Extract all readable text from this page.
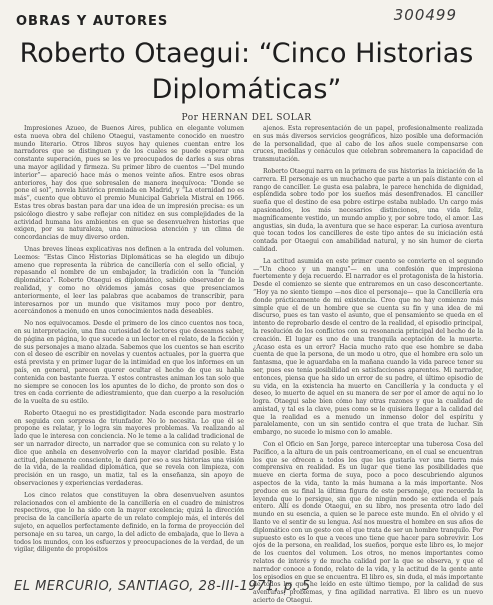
300499
OBRAS Y AUTORES
Roberto Otaegui: “Cinco Historias
Diplomáticas”
Por HERNAN DEL SOLAR

Impresiones Azueo, de Buenos Aires, publica en elegante volumen esta nueva obra del chileno Otaegui, vastamente conocido en nuestro mundo literario. Otros libros suyos hay quienes cuentan entre los narradores que se distinguen y de los cuales se puede esperar una constante superación, pues se les ve preocupados de darles a sus obras una mayor agilidad y firmeza. Su primer libro de cuentos —“Del mundo interior”— apareció hace más o menos veinte años. Entre esos obras anteriores, hay dos que sobresalen de manera inequívoca: “Donde se pone el sol”, novela histórica premiada en Madrid, y “La eternidad no es más”, cuento que obtuvo el premio Municipal Gabriela Mistral en 1966. Estas tres obras bastan para dar una idea de un impresión precisa: es un psicólogo diestro y sabe reflejar con nitidez en sus complejidades de la actividad humana los ambientes en que se desenvuelven historias que exigen, por su naturaleza, una minuciosa atención y un clima de concordancias de muy diverso orden.

Unas breves líneas explicativas nos definen a la entrada del volumen. Leemos: “Estas Cinco Historias Diplomáticas se ha elegido un dibujo ameno que representa la rúbrica de cancillería con el sello oficial, y repasando el nombre de un embajador, la tradición con la “función diplomática”. Roberto Otaegui es diplomático, sabido observador de la realidad, y como no olvidemos jamás cosas que presenciamos anteriormente, el leer las palabras que acabamos de transcribir, para interesarnos por un mundo que visitamos muy poco por dentro, acercándonos a menudo en unos conocimientos nada deseables.

No nos equivocamos. Desde el primero de los cinco cuentos nos toca, en su interpretación, una fina curiosidad de lectores que deseamos saber, de página en página, lo que sucede a un lector en el relato, de la ficción y de sus personajes a mano alzada. Sabemos que los cuentos se han escrito con el deseo de escribir en novelas y cuentos actuales, por la guerra que está prevista y en primer lugar de la intimidad en que los informes en un país, en general, parecen querer ocultar el hecho de que su habla contenida con bastante fuerza. Y estos contrastes animan los tan solo que no siempre se conocen los los apuntes de lo dicho, de pronto son dos o tres en cada corriente de adiestramiento, que dan cuerpo a la resolución de la vuelta de su estilo.

Roberto Otaegui no es prestidigitador. Nada esconde para mostrarlo en seguida con sorpresa de triunfador. No lo necesita. Lo que él se propone es relatar, y lo logra sin mayores problemas. Va realizando al lado que le interesa con conciencia. No le teme a la calidad tradicional de ser un narrador directo, un narrador que se comunica con su relato y lo dice que anhela en desenvolverlo con la mayor claridad posible. Esta actitud, plenamente consciente, le dará por eso a sus historias una visión de la vida, de la realidad diplomática, que se revela con limpieza, con precisión en un rasgo, un matiz, tal es la enseñanza, sin apoyo de observaciones y experiencias verdaderas.

Los cinco relatos que constituyen la obra desenvuelven asuntos relacionados con el ambiente de la cancillería en el cuadro de ministros respectivos, que lo ha sido con la mayor excelencia; quizá la dirección precisa de la cancillería aparte de un relato complejo más, el interés del sujeto, en aquellos perfectamente definido, en la forma de proyección del personaje en su tarea, un cargo, la del adicto de embajada, que lo lleva a todos los mundos, con los esfuerzos y preocupaciones de la verdad, de un vigilar, diligente de propósitos

ajenos. Esta representación de un papel, profesionalmente realizada en sus más diversos servicios geográficos, hizo posible una deformación de la personalidad, que al cabo de los años suele compensarse con cruces, medallas y cenáculos que celebran sobremanera la capacidad de transmutación.

Roberto Otaegui narra en la primera de sus historias la iniciación de la carrera. El personaje es un muchacho que parte a un país distante con el rango de canciller. Le gusta esa palabra, le parece henchida de dignidad, espléndida sobre todo por los sueños más desenfrenados. El canciller sueña que el destino de esa pobre estirpe estaba nublado. Un cargo más apasionados, los más necesarios distinciones, una vida feliz, magníficamente vestido, un mundo amplio y, por sobre todo, el amor. Las angustias, sin duda, la aventura que se hace esperar. La curiosa aventura que tocan todos los cancilleres de este tipo antes de su iniciación está contada por Otaegui con amabilidad natural, y no sin humor de cierta calidad.

La actitud asumida en este primer cuento se convierte en el segundo —“Un choco y un mangu”— en una confesión que impresiona fuertemente y deja recuerdo. El narrador es el protagonista de la historia. Desde el comienzo se siente que entraremos en un caso desconcertante. “Hoy ya no siento tiempo —nos dice el personaje— que la Cancillería era donde prácticamente de mi existencia. Creo que no hay comienzo más simple que el de un hombre que se cuenta su fin y una idea de mi discurso, pues es tan vasto el asunto, que el pensamiento se queda en el intento de reprobarlo desde el centro de la realidad, el episodio principal, la resolución de los conflictos con su resonancia principal del hecho de la creación. El lugar es uno de una tranquila aceptación de la muerte. ¿Acaso esta es un error? Hacia mucho rato que ese hombre se daba cuenta de que la persona, de un modo u otro, que el hombre era solo un fantasma, que le aguardaba en la mañana cuando la vida parece tener su ser, pues eso tenía posibilidad en satisfacciones aparentes. Mi narrador, entonces, piensa que ha sido un error de su padre, el último episodio de su vida, en la existencia ha muerto en Cancillería y la conducta y el deseo, lo muerto de aquel en su manera de ser por el amor de aquí no lo logra. Otaegui sabe bien cómo hay otras razones y que la cualidad de amistad, y tal es la clave, pues como se le quisiera llegar a la calidad del que la realidad es a menudo un inmenso dolor del espíritu y paralelamente, con un sin sentido contra el que trata de luchar. Sin embargo, no sucede lo mismo con lo amable.

Con el Oficio en San Jorge, parece interceptar una tuberosa Cosa del Pacífico, a la altura de un país centroamericano, en el cual se encuentran los que se ofrecen a todos los que les gustaría ver una tierra más comprensiva en realidad. Es un lugar que tiene las posibilidades que mueve en cierta forma de suya, poco a poco descubriendo algunos aspectos de la vida, tanto la más humana a la más importante. Nos produce en su final la última figura de este personaje, que recuerda la leyenda que lo persigue, sin que de ningún modo se extienda el país entero. Allí es donde Otaegui, en su libro, nos presenta otro lado del mundo en su esencia, a quien se le parece este mundo. En el olvido y el llanto ve el sentir de su lengua. Así nos muestra el hombre en sus años de diplomático con un gesto con el que trata de ser un hombre tranquilo. Por supuesto esto es lo que a veces uno tiene que hacer para sobrevivir. Los ojos de la persona, en realidad, los sueños, porque este libro es, lo mejor de los cuentos del volumen. Los otros, no menos importantes como relatos de interés y de mucha calidad por la que se observa, y que el narrador conoce a fondo, relato de la vida, y la actitud de la gente ante los episodios en que se encuentra. El libro es, sin duda, el más importante de todos los que he leído en este último tiempo, por la calidad de sus aventuras, problemas, y fina agilidad narrativa. El libro es un nuevo acierto de Otaegui.

EL MERCURIO, SANTIAGO, 28-III-1971, p. 5
